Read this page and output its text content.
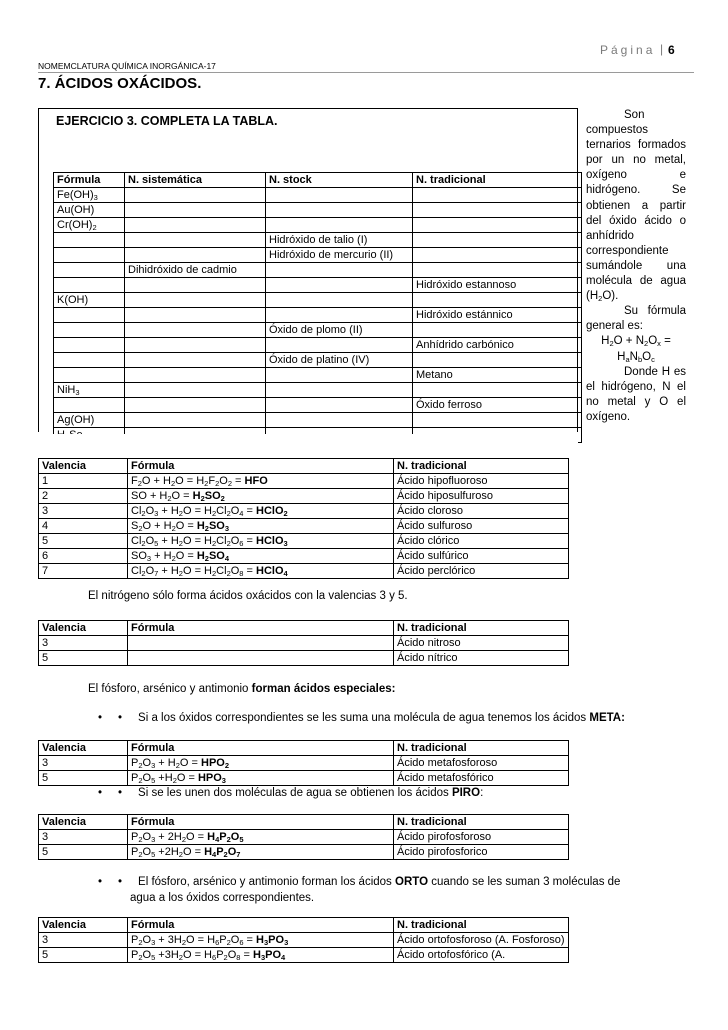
Página | 6
NOMEMCLATURA QUÍMICA INORGÁNICA-17
7. ÁCIDOS OXÁCIDOS.
EJERCICIO 3. COMPLETA LA TABLA.
Fórmula	N. sistemática	N. stock	N. tradicional
$Fe(OH)_3$			
Au(OH)			
$Cr(OH)_2$			
		Hidróxido de talio (I)	
		Hidróxido de mercurio (II)	
	Dihidróxido de cadmio		
			Hidróxido estannoso
K(OH)			
			Hidróxido estánnico
		Óxido de plomo (II)	
			Anhídrido carbónico
		Óxido de platino (IV)	
			Metano
NiH$_3$			
			Óxido ferroso
Ag(OH)			

Son compuestos ternarios formados por un no metal, oxígeno e hidrógeno. Se obtienen a partir del óxido ácido o anhídrido correspondiente sumándole una molécula de agua $(H_2O)$.

Su fórmula general es:

$H_2O + N_2O_x$ =

$H_aN_bO_c$

Donde H es el hidrógeno, N el no metal y O el oxígeno.

Valencia	Fórmula	N. tradicional
1	$F_2O + H_2O = H_2F_2O_2$ = HFO	Ácido hipofluoroso
2	SO + $H_2O = H_2SO_2$	Ácido hiposulfuroso
3	$Cl_2O_3 + H_2O = H_2Cl_2O_4$ = HClO$_2$	Ácido cloroso
4	$S_2O + H_2O = H_2SO_3$	Ácido sulfuroso
5	$Cl_2O_5 + H_2O = H_2Cl_2O_6$ = HClO$_3$	Ácido clórico
6	$SO_3 + H_2O = H_2SO_4$	Ácido sulfúrico
7	$Cl_2O_7 + H_2O = H_2Cl_2O_8$ = HClO$_4$	Ácido perclórico
El nitrógeno sólo forma ácidos oxácidos con la valencias 3 y 5.
Valencia	Fórmula	N. tradicional
3		Ácido nitroso
5		Ácido nítrico
El fósforo, arsénico y antimonio forman ácidos especiales:
• • Si a los óxidos correspondientes se les suma una molécula de agua tenemos los ácidos META:
Valencia	Fórmula	N. tradicional
3	$P_2O_3 + H_2O = HPO_2$	Ácido metafosforoso
5	$P_2O_5 +H_2O = HPO_3$	Ácido metafosfórico
• • Si se les unen dos moléculas de agua se obtienen los ácidos PIRO:
Valencia	Fórmula	N. tradicional
3	$P_2O_3 + 2H_2O = H_4P_2O_5$	Ácido pirofosforoso
5	$P_2O_5 +2H_2O = H_4P_2O_7$	Ácido pirofosforico
• • El fósforo, arsénico y antimonio forman los ácidos ORTO cuando se les suman 3 moléculas de
agua a los óxidos correspondientes.
Valencia	Fórmula	N. tradicional
3	$P_2O_3 + 3H_2O = H_6P_2O_6 = H_3PO_3$	Ácido ortofosforoso (A. Fosforoso)
5	$P_2O_5 +3H_2O = H_6P_2O_8 = H_3PO_4$	Ácido ortofosfórico (A.
